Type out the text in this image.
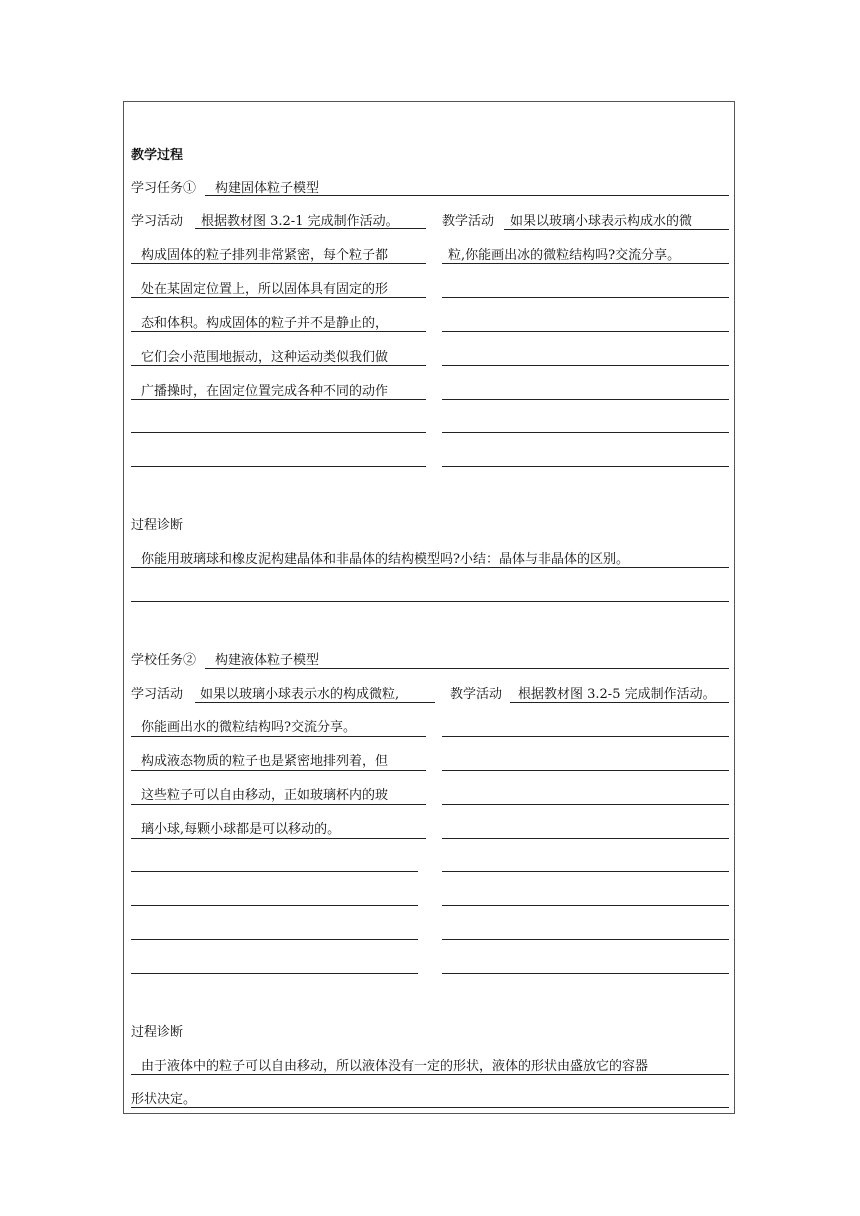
教学过程
学习任务① 构建固体粒子模型
学习活动 根据教材图 3.2-1 完成制作活动。
构成固体的粒子排列非常紧密，每个粒子都
处在某固定位置上，所以固体具有固定的形
态和体积。构成固体的粒子并不是静止的，
它们会小范围地振动，这种运动类似我们做
广播操时，在固定位置完成各种不同的动作
教学活动 如果以玻璃小球表示构成水的微
粒,你能画出冰的微粒结构吗?交流分享。
过程诊断
你能用玻璃球和橡皮泥构建晶体和非晶体的结构模型吗?小结：晶体与非晶体的区别。
学校任务② 构建液体粒子模型
学习活动 如果以玻璃小球表示水的构成微粒,
你能画出水的微粒结构吗?交流分享。
构成液态物质的粒子也是紧密地排列着，但
这些粒子可以自由移动，正如玻璃杯内的玻
璃小球,每颗小球都是可以移动的。
教学活动 根据教材图 3.2-5 完成制作活动。
过程诊断
由于液体中的粒子可以自由移动，所以液体没有一定的形状，液体的形状由盛放它的容器
形状决定。
